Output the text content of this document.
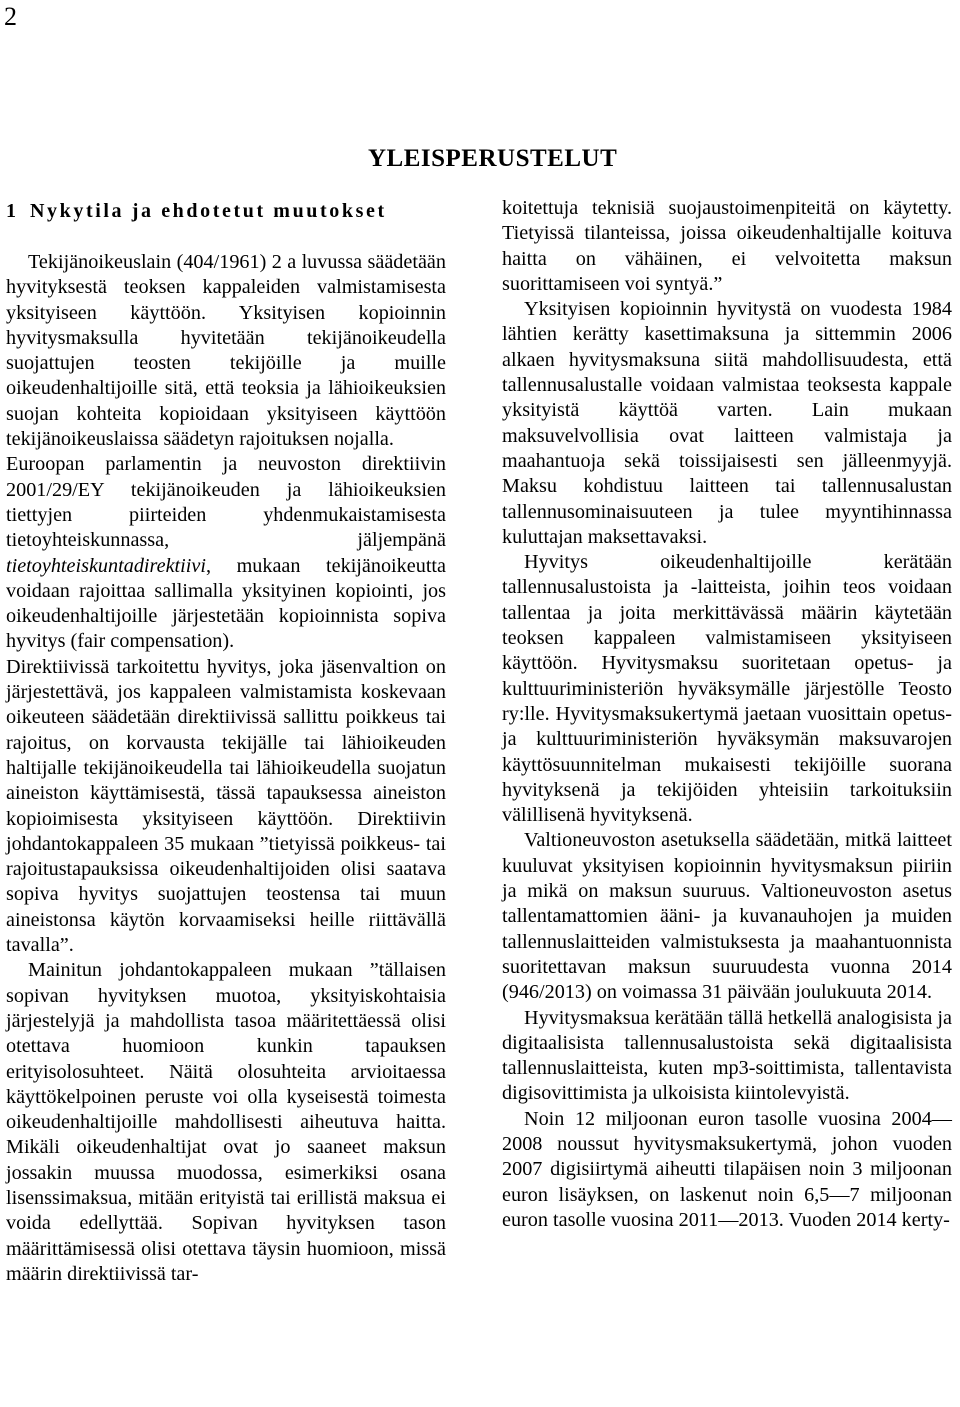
2
YLEISPERUSTELUT
1 Nykytila ja ehdotetut muutokset

Tekijänoikeuslain (404/1961) 2 a luvussa säädetään hyvityksestä teoksen kappaleiden valmistamisesta yksityiseen käyttöön. Yksityisen kopioinnin hyvitysmaksulla hyvitetään tekijänoikeudella suojattujen teosten tekijöille ja muille oikeudenhaltijoille sitä, että teoksia ja lähioikeuksien suojan kohteita kopioidaan yksityiseen käyttöön tekijänoikeuslaissa säädetyn rajoituksen nojalla.

Euroopan parlamentin ja neuvoston direktiivin 2001/29/EY tekijänoikeuden ja lähioikeuksien tiettyjen piirteiden yhdenmukaistamisesta tietoyhteiskunnassa, jäljempänä tietoyhteiskuntadirektiivi, mukaan tekijänoikeutta voidaan rajoittaa sallimalla yksityinen kopiointi, jos oikeudenhaltijoille järjestetään kopioinnista sopiva hyvitys (fair compensation).

Direktiivissä tarkoitettu hyvitys, joka jäsenvaltion on järjestettävä, jos kappaleen valmistamista koskevaan oikeuteen säädetään direktiivissä sallittu poikkeus tai rajoitus, on korvausta tekijälle tai lähioikeuden haltijalle tekijänoikeudella tai lähioikeudella suojatun aineiston käyttämisestä, tässä tapauksessa aineiston kopioimisesta yksityiseen käyttöön. Direktiivin johdantokappaleen 35 mukaan ”tietyissä poikkeus- tai rajoitustapauksissa oikeudenhaltijoiden olisi saatava sopiva hyvitys suojattujen teostensa tai muun aineistonsa käytön korvaamiseksi heille riittävällä tavalla”.

Mainitun johdantokappaleen mukaan ”tällaisen sopivan hyvityksen muotoa, yksityiskohtaisia järjestelyjä ja mahdollista tasoa määritettäessä olisi otettava huomioon kunkin tapauksen erityisolosuhteet. Näitä olosuhteita arvioitaessa käyttökelpoinen peruste voi olla kyseisestä toimesta oikeudenhaltijoille mahdollisesti aiheutuva haitta. Mikäli oikeudenhaltijat ovat jo saaneet maksun jossakin muussa muodossa, esimerkiksi osana lisenssimaksua, mitään erityistä tai erillistä maksua ei voida edellyttää. Sopivan hyvityksen tason määrittämisessä olisi otettava täysin huomioon, missä määrin direktiivissä tar-

koitettuja teknisiä suojaustoimenpiteitä on käytetty. Tietyissä tilanteissa, joissa oikeudenhaltijalle koituva haitta on vähäinen, ei velvoitetta maksun suorittamiseen voi syntyä.”

Yksityisen kopioinnin hyvitystä on vuodesta 1984 lähtien kerätty kasettimaksuna ja sittemmin 2006 alkaen hyvitysmaksuna siitä mahdollisuudesta, että tallennusalustalle voidaan valmistaa teoksesta kappale yksityistä käyttöä varten. Lain mukaan maksuvelvollisia ovat laitteen valmistaja ja maahantuoja sekä toissijaisesti sen jälleenmyyjä. Maksu kohdistuu laitteen tai tallennusalustan tallennusominaisuuteen ja tulee myyntihinnassa kuluttajan maksettavaksi.

Hyvitys oikeudenhaltijoille kerätään tallennusalustoista ja -laitteista, joihin teos voidaan tallentaa ja joita merkittävässä määrin käytetään teoksen kappaleen valmistamiseen yksityiseen käyttöön. Hyvitysmaksu suoritetaan opetus- ja kulttuuriministeriön hyväksymälle järjestölle Teosto ry:lle. Hyvitysmaksukertymä jaetaan vuosittain opetus- ja kulttuuriministeriön hyväksymän maksuvarojen käyttösuunnitelman mukaisesti tekijöille suorana hyvityksenä ja tekijöiden yhteisiin tarkoituksiin välillisenä hyvityksenä.

Valtioneuvoston asetuksella säädetään, mitkä laitteet kuuluvat yksityisen kopioinnin hyvitysmaksun piiriin ja mikä on maksun suuruus. Valtioneuvoston asetus tallentamattomien ääni- ja kuvanauhojen ja muiden tallennuslaitteiden valmistuksesta ja maahantuonnista suoritettavan maksun suuruudesta vuonna 2014 (946/2013) on voimassa 31 päivään joulukuuta 2014.

Hyvitysmaksua kerätään tällä hetkellä analogisista ja digitaalisista tallennusalustoista sekä digitaalisista tallennuslaitteista, kuten mp3-soittimista, tallentavista digisovittimista ja ulkoisista kiintolevyistä.

Noin 12 miljoonan euron tasolle vuosina 2004—2008 noussut hyvitysmaksukertymä, johon vuoden 2007 digisiirtymä aiheutti tilapäisen noin 3 miljoonan euron lisäyksen, on laskenut noin 6,5—7 miljoonan euron tasolle vuosina 2011—2013. Vuoden 2014 kerty-
